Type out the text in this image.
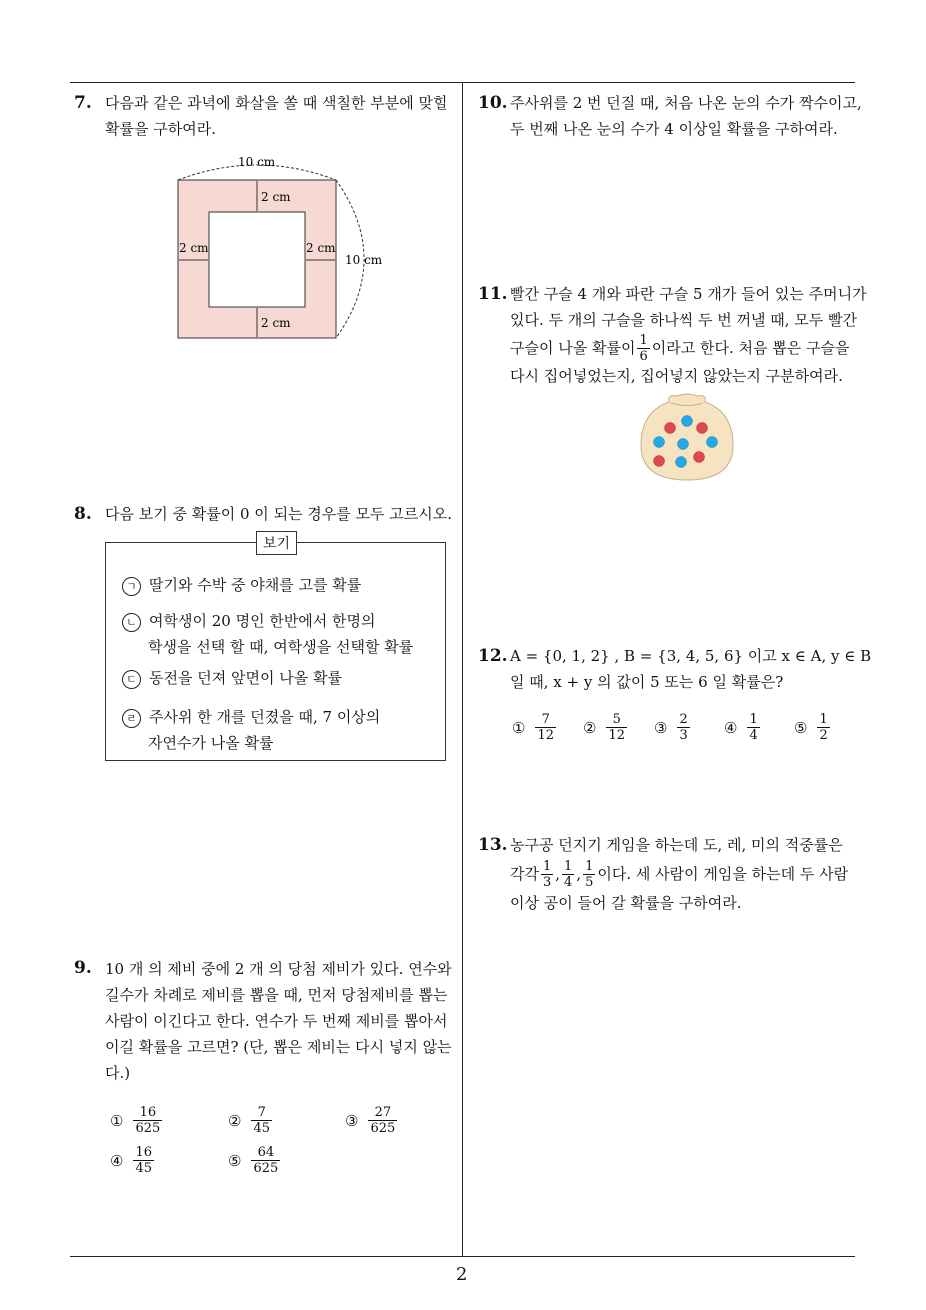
7. 다음과 같은 과녁에 화살을 쏠 때 색칠한 부분에 맞힐
확률을 구하여라.
10 cm
10 cm
2 cm
2 cm
2 cm	2 cm
8. 다음 보기 중 확률이 0 이 되는 경우를 모두 고르시오.
보기
ㄱ 딸기와 수박 중 야채를 고를 확률
ㄴ 여학생이 20 명인 한반에서 한명의
학생을 선택 할 때, 여학생을 선택할 확률
ㄷ 동전을 던져 앞면이 나올 확률
ㄹ 주사위 한 개를 던졌을 때, 7 이상의
자연수가 나올 확률
9. 10 개 의 제비 중에 2 개 의 당첨 제비가 있다. 연수와
길수가 차례로 제비를 뽑을 때, 먼저 당첨제비를 뽑는
사람이 이긴다고 한다. 연수가 두 번째 제비를 뽑아서
이길 확률을 고르면? (단, 뽑은 제비는 다시 넣지 않는
다.)
① $\frac{16}{625}$	② $\frac{7}{45}$	③ $\frac{27}{625}$
④ $\frac{16}{45}$	⑤ $\frac{64}{625}$
10. 주사위를 2 번 던질 때, 처음 나온 눈의 수가 짝수이고,
두 번째 나온 눈의 수가 4 이상일 확률을 구하여라.
11. 빨간 구슬 4 개와 파란 구슬 5 개가 들어 있는 주머니가
있다. 두 개의 구슬을 하나씩 두 번 꺼낼 때, 모두 빨간
구슬이 나올 확률이 $\frac{1}{6}$ 이라고 한다. 처음 뽑은 구슬을
다시 집어넣었는지, 집어넣지 않았는지 구분하여라.
12. A = {0, 1, 2} , B = {3, 4, 5, 6} 이고 x ∈ A, y ∈ B
일 때, x + y 의 값이 5 또는 6 일 확률은?
① $\frac{7}{12}$ ② $\frac{5}{12}$ ③ $\frac{2}{3}$ ④ $\frac{1}{4}$ ⑤ $\frac{1}{2}$
13. 농구공 던지기 게임을 하는데 도, 레, 미의 적중률은
각각 $\frac{1}{3}$ , $\frac{1}{4}$ , $\frac{1}{5}$ 이다. 세 사람이 게임을 하는데 두 사람
이상 공이 들어 갈 확률을 구하여라.
2
